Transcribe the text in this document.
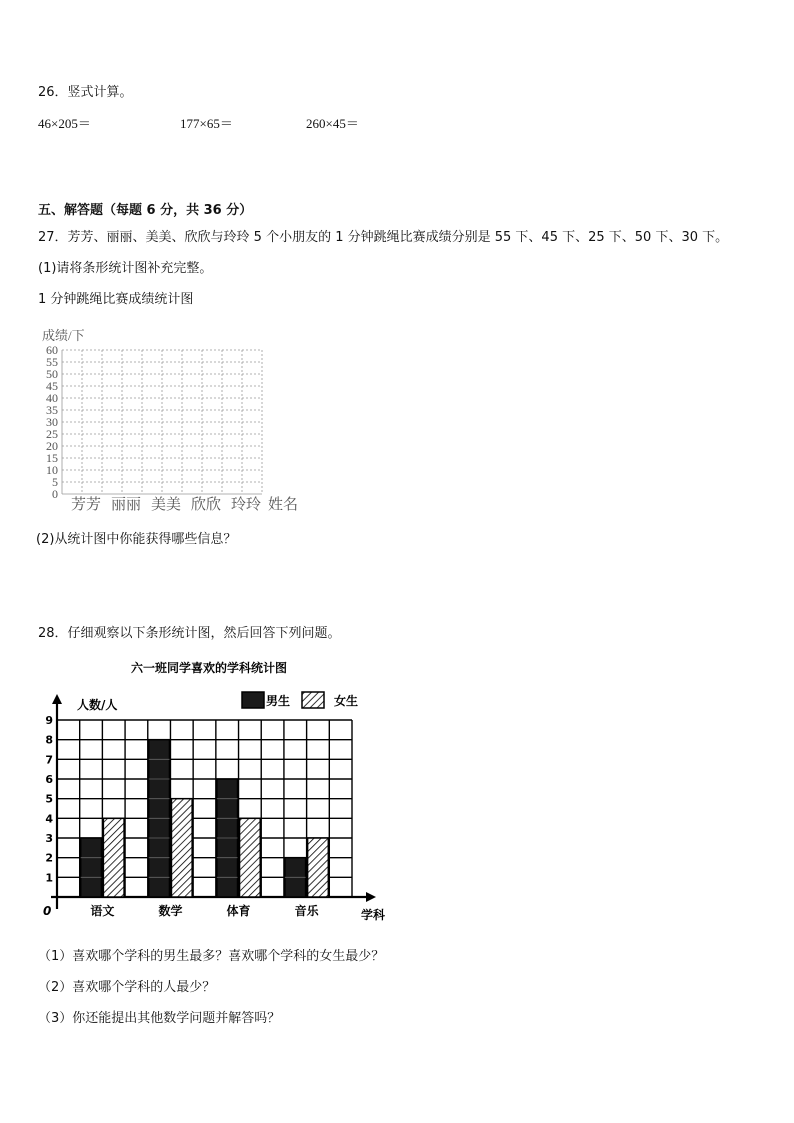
26．竖式计算。
46×205＝	177×65＝	260×45＝
五、解答题（每题 6 分，共 36 分）
27．芳芳、丽丽、美美、欣欣与玲玲 5 个小朋友的 1 分钟跳绳比赛成绩分别是 55 下、45 下、25 下、50 下、30 下。
(1)请将条形统计图补充完整。
1 分钟跳绳比赛成绩统计图
成绩/下
0
5
10
15
20
25
30
35
40
45
50
55
60
芳芳 丽丽 美美 欣欣 玲玲 姓名
(2)从统计图中你能获得哪些信息？
28．仔细观察以下条形统计图，然后回答下列问题。
六一班同学喜欢的学科统计图
人数/人
学科
0
1
2
3
4
5
6
7
8
9
语文	数学	体育	音乐
男生	女生
（1）喜欢哪个学科的男生最多？喜欢哪个学科的女生最少？
（2）喜欢哪个学科的人最少？
（3）你还能提出其他数学问题并解答吗？
